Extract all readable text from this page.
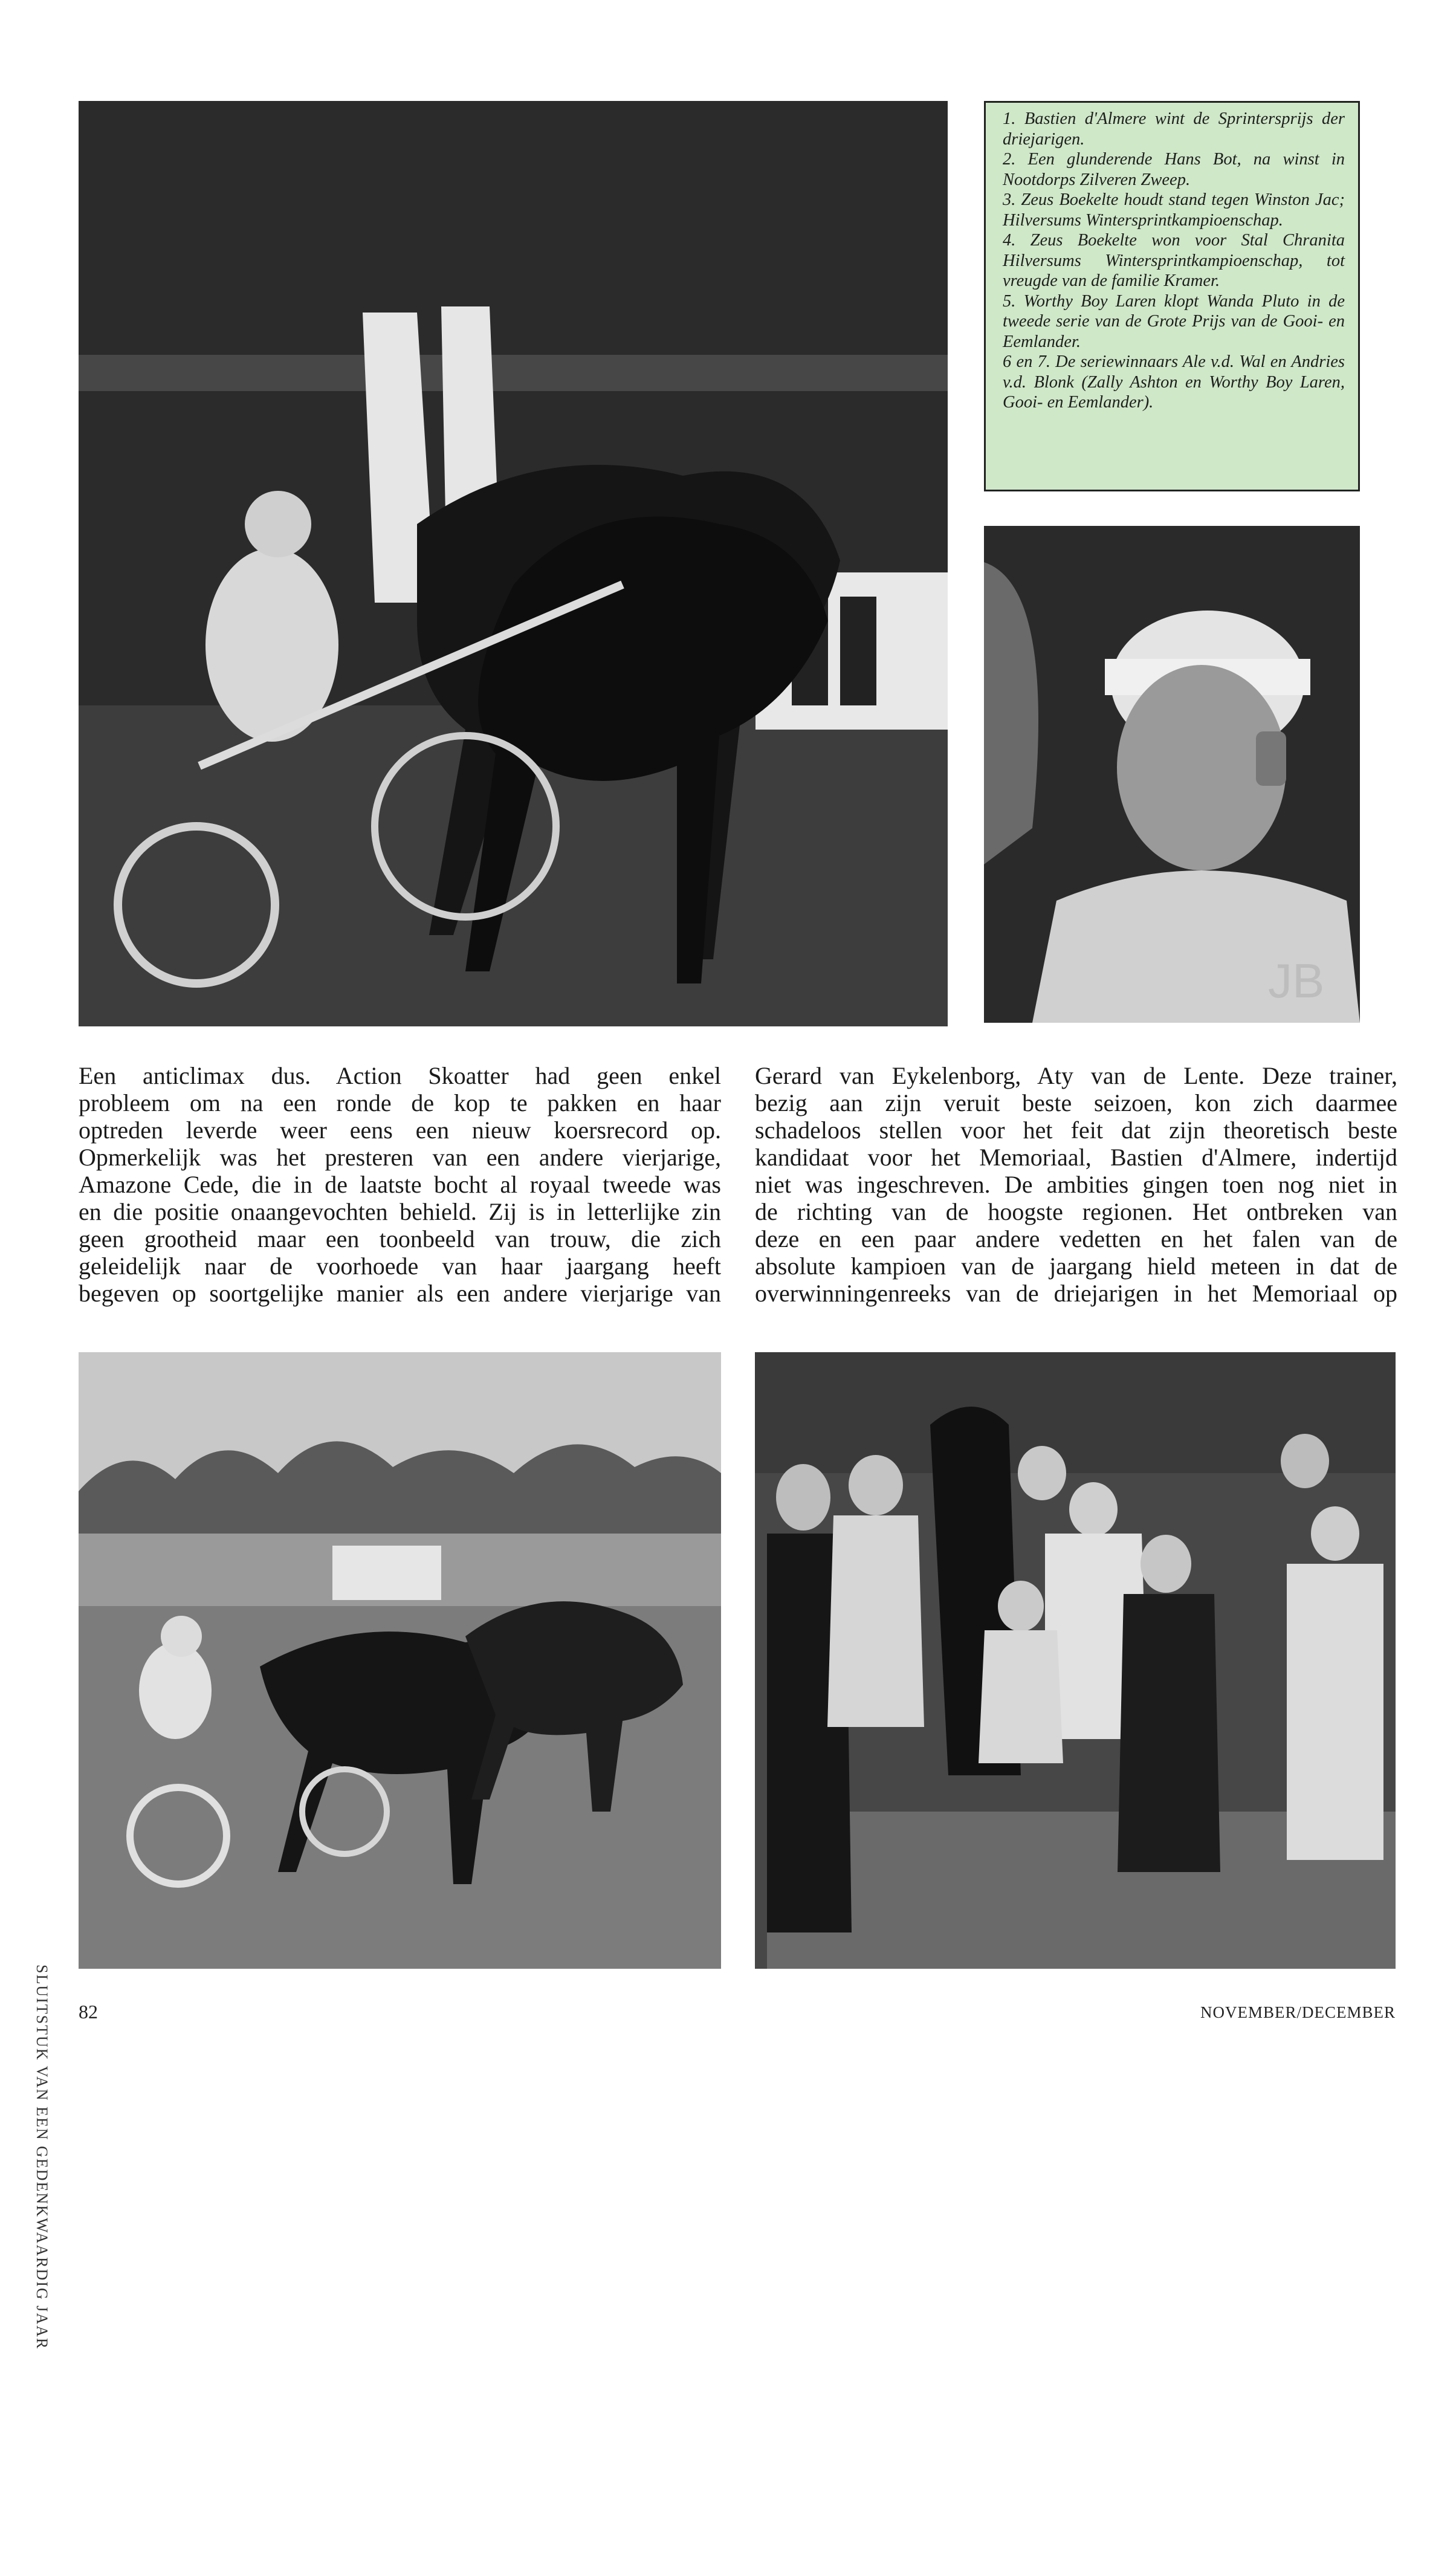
1. Bastien d'Almere wint de Sprintersprijs der driejarigen.

2. Een glunderende Hans Bot, na winst in Nootdorps Zilveren Zweep.

3. Zeus Boekelte houdt stand tegen Winston Jac; Hilversums Wintersprintkampioenschap.

4. Zeus Boekelte won voor Stal Chranita Hilversums Wintersprintkampioenschap, tot vreugde van de familie Kramer.

5. Worthy Boy Laren klopt Wanda Pluto in de tweede serie van de Grote Prijs van de Gooi- en Eemlander.

6 en 7. De seriewinnaars Ale v.d. Wal en Andries v.d. Blonk (Zally Ashton en Worthy Boy Laren, Gooi- en Eemlander).

JB
Een anticlimax dus. Action Skoatter had geen enkel
probleem om na een ronde de kop te pakken en haar
optreden leverde weer eens een nieuw koersrecord op.
Opmerkelijk was het presteren van een andere vierjarige,
Amazone Cede, die in de laatste bocht al royaal tweede was
en die positie onaangevochten behield. Zij is in letterlijke zin
geen grootheid maar een toonbeeld van trouw, die zich
geleidelijk naar de voorhoede van haar jaargang heeft
begeven op soortgelijke manier als een andere vierjarige van
Gerard van Eykelenborg, Aty van de Lente. Deze trainer,
bezig aan zijn veruit beste seizoen, kon zich daarmee
schadeloos stellen voor het feit dat zijn theoretisch beste
kandidaat voor het Memoriaal, Bastien d'Almere, indertijd
niet was ingeschreven. De ambities gingen toen nog niet in
de richting van de hoogste regionen. Het ontbreken van
deze en een paar andere vedetten en het falen van de
absolute kampioen van de jaargang hield meteen in dat de
overwinningenreeks van de driejarigen in het Memoriaal op
SLUITSTUK VAN EEN GEDENKWAARDIG JAAR 82	NOVEMBER/DECEMBER
